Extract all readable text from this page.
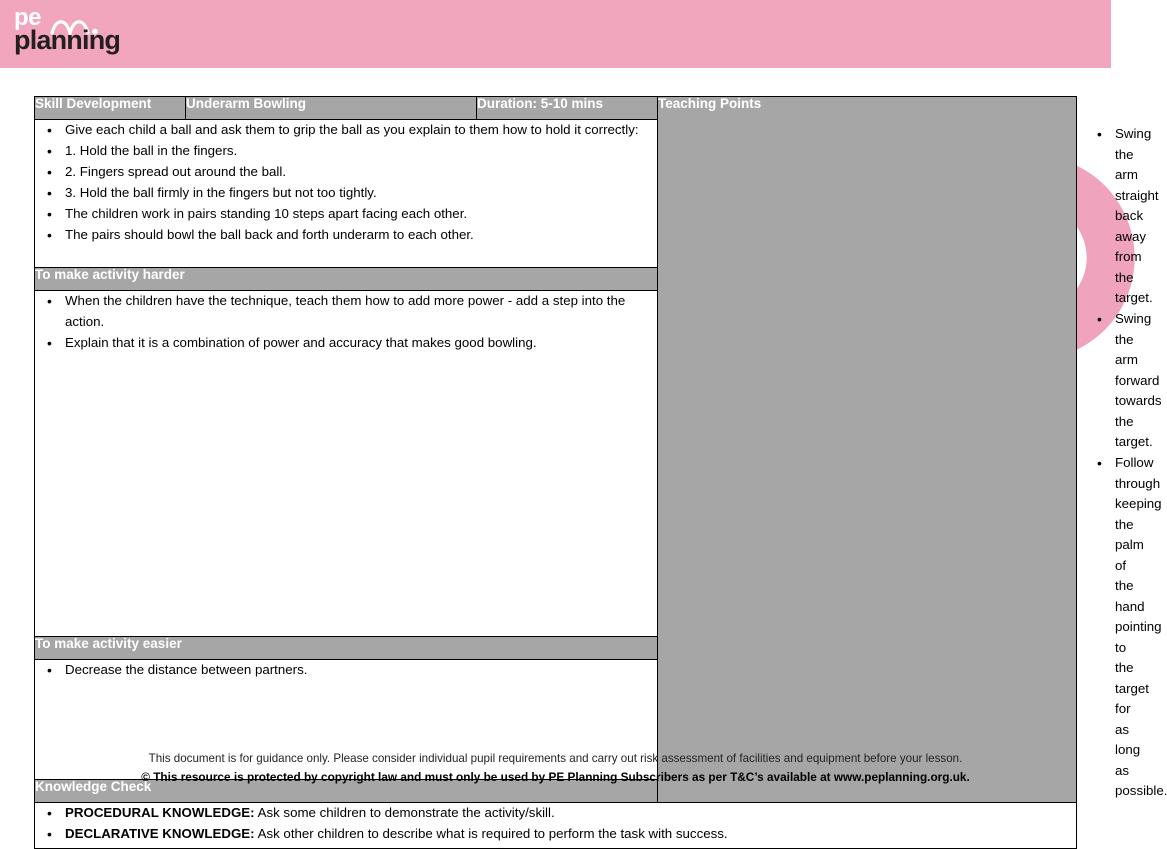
pe
planning
Skill Development	Underarm Bowling	Duration: 5-10 mins	Teaching Points	

• Give each child a ball and ask them to grip the ball as you explain to them how to hold it correctly:
• 1. Hold the ball in the fingers.
• 2. Fingers spread out around the ball.
• 3. Hold the ball firmly in the fingers but not too tightly.
• The children work in pairs standing 10 steps apart facing each other.
• The pairs should bowl the ball back and forth underarm to each other.

• Swing the arm straight back away from the target.
• Swing the arm forward towards the target.
• Follow through keeping the palm of the hand pointing to the target for as long as possible.

To make activity harder				

• When the children have the technique, teach them how to add more power - add a step into the action.
• Explain that it is a combination of power and accuracy that makes good bowling.

To make activity easier				

• Decrease the distance between partners.

Knowledge Check				

• PROCEDURAL KNOWLEDGE: Ask some children to demonstrate the activity/skill.
• DECLARATIVE KNOWLEDGE: Ask other children to describe what is required to perform the task with success.
This document is for guidance only. Please consider individual pupil requirements and carry out risk assessment of facilities and equipment before your lesson.
© This resource is protected by copyright law and must only be used by PE Planning Subscribers as per T&C’s available at www.peplanning.org.uk.
